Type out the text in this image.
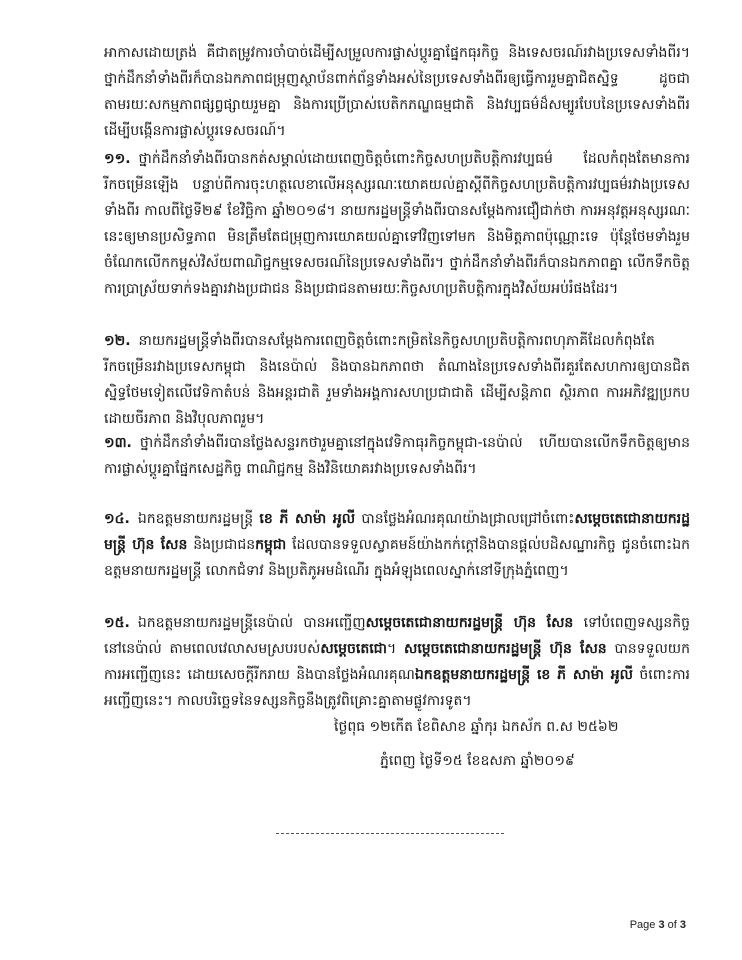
អាកាសដោយត្រង់ គឺជាតម្រូវការចាំបាច់ដើម្បីសម្រួលការផ្លាស់ប្តូរគ្នាផ្នែកធុរកិច្ច និងទេសចរណ៍រវាងប្រទេសទាំងពីរ។ ថ្នាក់ដឹកនាំទាំងពីរក៏បានឯកភាពជម្រុញស្ថាប័នពាក់ព័ន្ធទាំងអស់នៃប្រទេសទាំងពីរឲ្យធ្វើការរួមគ្នាជិតស្និទ្ធ ដូចជាតាមរយៈសកម្មភាពផ្សព្វផ្សាយរួមគ្នា និងការប្រើប្រាស់បេតិកភណ្ឌធម្មជាតិ និងវប្បធម៌ដ៏សម្បូរបែបនៃប្រទេសទាំងពីរ ដើម្បីបង្កើនការផ្លាស់ប្តូរទេសចរណ៍។

១១. ថ្នាក់ដឹកនាំទាំងពីរបានកត់សម្គាល់ដោយពេញចិត្តចំពោះកិច្ចសហប្រតិបត្តិការវប្បធម៌ ដែលកំពុងតែមានការរីកចម្រើនឡើង បន្ទាប់ពីការចុះហត្ថលេខាលើអនុស្សរណៈយោគយល់គ្នាស្តីពីកិច្ចសហប្រតិបត្តិការវប្បធម៌រវាងប្រទេសទាំងពីរ កាលពីថ្ងៃទី២៩ ខែវិច្ឆិកា ឆ្នាំ២០១៨។ នាយករដ្ឋមន្ត្រីទាំងពីរបានសម្តែងការជឿជាក់ថា ការអនុវត្តអនុស្សរណៈនេះឲ្យមានប្រសិទ្ធភាព មិនត្រឹមតែជម្រុញការយោគយល់គ្នាទៅវិញទៅមក និងមិត្តភាពប៉ុណ្ណោះទេ ប៉ុន្តែថែមទាំងរួមចំណែកលើកកម្ពស់វិស័យពាណិជ្ជកម្មទេសចរណ៍នៃប្រទេសទាំងពីរ។ ថ្នាក់ដឹកនាំទាំងពីរក៏បានឯកភាពគ្នា លើកទឹកចិត្តការប្រាស្រ័យទាក់ទងគ្នារវាងប្រជាជន និងប្រជាជនតាមរយៈកិច្ចសហប្រតិបត្តិការក្នុងវិស័យអប់រំផងដែរ។

១២. នាយករដ្ឋមន្ត្រីទាំងពីរបានសម្តែងការពេញចិត្តចំពោះកម្រិតនៃកិច្ចសហប្រតិបត្តិការពហុភាគីដែលកំពុងតែរីកចម្រើនរវាងប្រទេសកម្ពុជា និងនេប៉ាល់ និងបានឯកភាពថា តំណាងនៃប្រទេសទាំងពីរគួរតែសហការឲ្យបានជិតស្និទ្ធថែមទៀតលើវេទិកាតំបន់ និងអន្តរជាតិ រួមទាំងអង្គការសហប្រជាជាតិ ដើម្បីសន្តិភាព ស្ថិរភាព ការអភិវឌ្ឍប្រកបដោយចីរភាព និងវិបុលភាពរួម។

១៣. ថ្នាក់ដឹកនាំទាំងពីរបានថ្លែងសន្ទរកថារួមគ្នានៅក្នុងវេទិកាធុរកិច្ចកម្ពុជា-នេប៉ាល់ ហើយបានលើកទឹកចិត្តឲ្យមានការផ្លាស់ប្តូរគ្នាផ្នែកសេដ្ឋកិច្ច ពាណិជ្ជកម្ម និងវិនិយោគរវាងប្រទេសទាំងពីរ។

១៤. ឯកឧត្តមនាយករដ្ឋមន្ត្រី ខេ ភី សាម៉ា អូលី បានថ្លែងអំណរគុណយ៉ាងជ្រាលជ្រៅចំពោះសម្តេចតេជោនាយករដ្ឋមន្ត្រី ហ៊ុន សែន និងប្រជាជនកម្ពុជា ដែលបានទទួលស្វាគមន៍យ៉ាងកក់ក្តៅនិងបានផ្តល់បដិសណ្ឋារកិច្ច ជូនចំពោះឯកឧត្តមនាយករដ្ឋមន្ត្រី លោកជំទាវ និងប្រតិភូអមដំណើរ ក្នុងអំឡុងពេលស្នាក់នៅទីក្រុងភ្នំពេញ។

១៥. ឯកឧត្តមនាយករដ្ឋមន្ត្រីនេប៉ាល់ បានអញ្ជើញសម្តេចតេជោនាយករដ្ឋមន្ត្រី ហ៊ុន សែន ទៅបំពេញទស្សនកិច្ចនៅនេប៉ាល់ តាមពេលវេលាសមស្របរបស់សម្តេចតេជោ។ សម្តេចតេជោនាយករដ្ឋមន្ត្រី ហ៊ុន សែន បានទទួលយកការអញ្ជើញនេះ ដោយសេចក្តីរីករាយ និងបានថ្លែងអំណរគុណឯកឧត្តមនាយករដ្ឋមន្ត្រី ខេ ភី សាម៉ា អូលី ចំពោះការអញ្ជើញនេះ។ កាលបរិច្ឆេទនៃទស្សនកិច្ចនឹងត្រូវពិគ្រោះគ្នាតាមផ្លូវការទូត។

ថ្ងៃពុធ ១២កើត ខែពិសាខ ឆ្នាំកុរ ឯកស័ក ព.ស ២៥៦២
ភ្នំពេញ ថ្ងៃទី១៥ ខែឧសភា ឆ្នាំ២០១៩
Page 3 of 3
